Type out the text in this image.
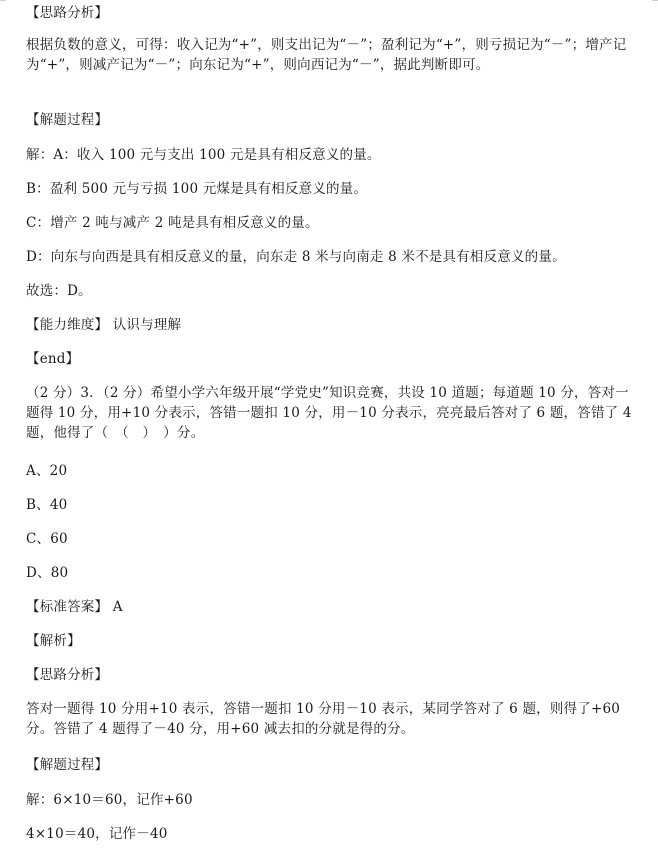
【思路分析】
根据负数的意义，可得：收入记为“+”，则支出记为“－”；盈利记为“+”，则亏损记为“－”；增产记为“+”，则减产记为“－”；向东记为“+”，则向西记为“－”，据此判断即可。
【解题过程】
解：A：收入 100 元与支出 100 元是具有相反意义的量。
B：盈利 500 元与亏损 100 元煤是具有相反意义的量。
C：增产 2 吨与减产 2 吨是具有相反意义的量。
D：向东与向西是具有相反意义的量，向东走 8 米与向南走 8 米不是具有相反意义的量。
故选：D。
【能力维度】 认识与理解
【end】
（2 分）3．（2 分）希望小学六年级开展“学党史”知识竞赛，共设 10 道题；每道题 10 分，答对一题得 10 分，用+10 分表示，答错一题扣 10 分，用－10 分表示，亮亮最后答对了 6 题，答错了 4 题，他得了（　（　）　）分。
A、20
B、40
C、60
D、80
【标准答案】 A
【解析】
【思路分析】
答对一题得 10 分用+10 表示，答错一题扣 10 分用－10 表示，某同学答对了 6 题，则得了+60分。答错了 4 题得了－40 分，用+60 减去扣的分就是得的分。
【解题过程】
解：6×10＝60，记作+60
4×10＝40，记作－40
